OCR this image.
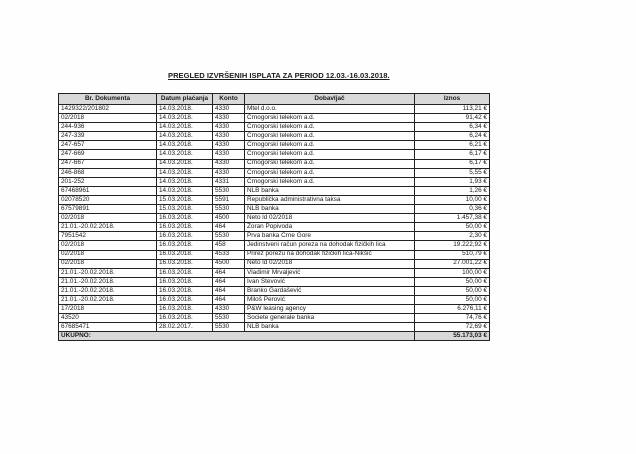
PREGLED IZVRŠENIH ISPLATA ZA PERIOD 12.03.-16.03.2018.
Br. Dokumenta	Datum plaćanja	Konto	Dobavljač	Iznos
1429322/201802	14.03.2018.	4330	Mtel d.o.o.	113,21 €
02/2018	14.03.2018.	4330	Crnogorski telekom a.d.	91,42 €
244-936	14.03.2018.	4330	Crnogorski telekom a.d.	6,34 €
247-339	14.03.2018.	4330	Crnogorski telekom a.d.	6,24 €
247-657	14.03.2018.	4330	Crnogorski telekom a.d.	6,21 €
247-669	14.03.2018.	4330	Crnogorski telekom a.d.	6,17 €
247-667	14.03.2018.	4330	Crnogorski telekom a.d.	6,17 €
246-868	14.03.2018.	4330	Crnogorski telekom a.d.	5,55 €
201-252	14.03.2018.	4331	Crnogorski telekom a.d.	1,93 €
67468961	14.03.2018.	5530	NLB banka	1,26 €
02078520	15.03.2018.	5591	Republička administrativna taksa	10,00 €
67579891	15.03.2018.	5530	NLB banka	0,36 €
02/2018	16.03.2018.	4500	Neto ld 02/2018	1.457,38 €
21.01.-20.02.2018.	16.03.2018.	464	Zoran Popivoda	50,00 €
7951542	16.03.2018.	5530	Prva banka Crne Gore	2,30 €
02/2018	16.03.2018.	458	Jedinstveni račun poreza na dohodak fizičkih lica	19.222,92 €
02/2018	16.03.2018.	4533	Prirez porezu na dohodak fizičkih lica-Nikšić	510,79 €
02/2018	16.03.2018.	4500	Neto ld 02/2018	27.001,22 €
21.01.-20.02.2018.	16.03.2018.	464	Vladimir Mrvaljević	100,00 €
21.01.-20.02.2018.	16.03.2018.	464	Ivan Stevović	50,00 €
21.01.-20.02.2018.	16.03.2018.	464	Branko Gardašević	50,00 €
21.01.-20.02.2018.	16.03.2018.	464	Miloš Perović	50,00 €
17/2018	16.03.2018.	4330	P&W leasing agency	6.276,11 €
43520	16.03.2018.	5530	Societe generale banka	74,76 €
67685471	28.02.2017.	5530	NLB banka	72,69 €
UKUPNO:				55.173,03 €
